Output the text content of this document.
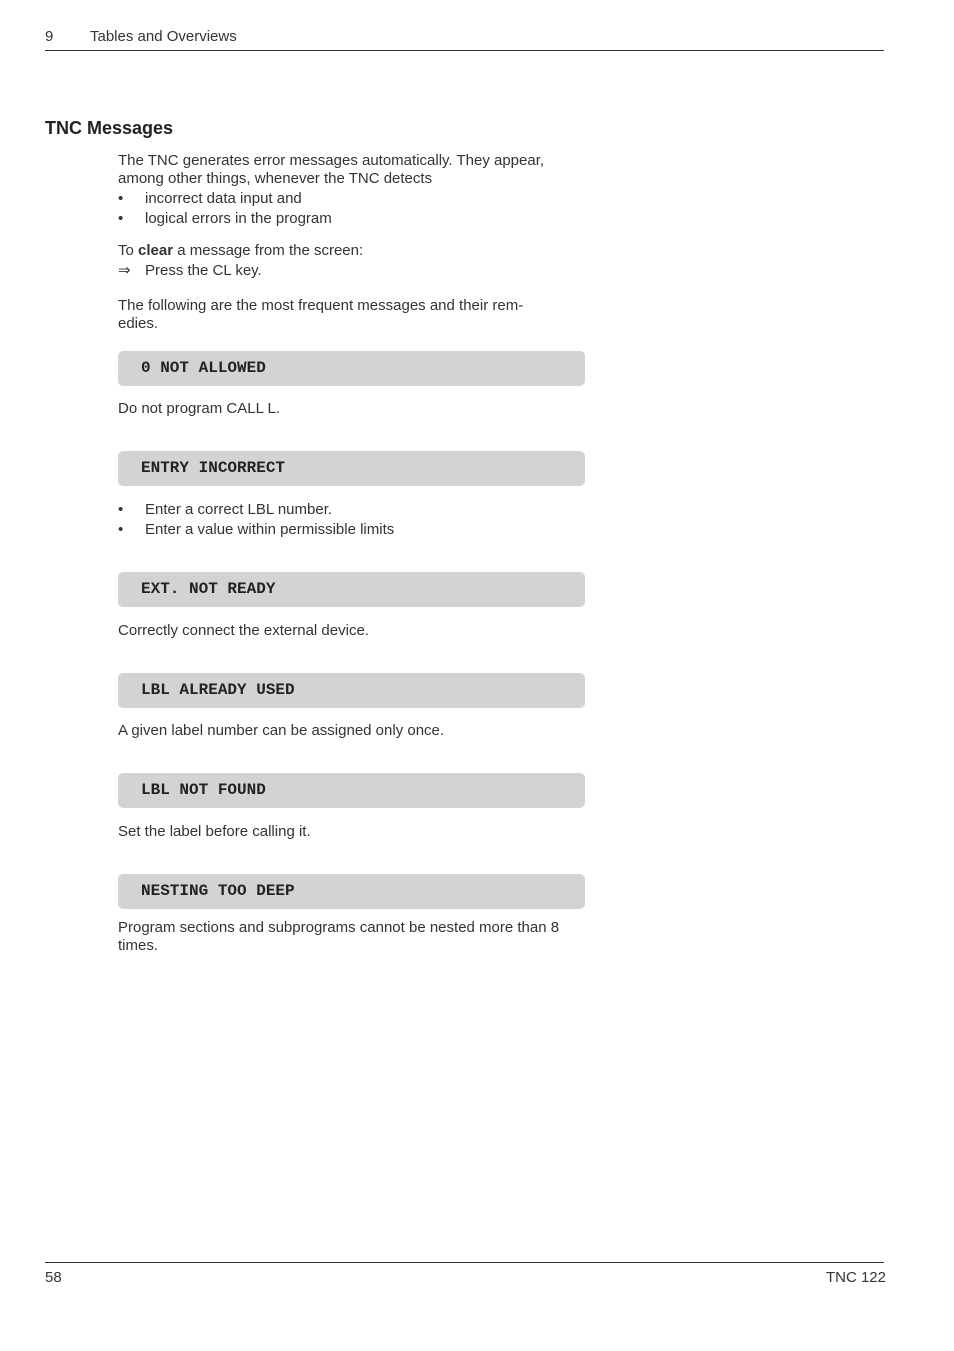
9 Tables and Overviews
TNC Messages

The TNC generates error messages automatically. They appear,
among other things, whenever the TNC detects

• incorrect data input and
• logical errors in the program

To clear a message from the screen:

⇒ Press the CL key.

The following are the most frequent messages and their rem-
edies.

0 NOT ALLOWED

Do not program CALL L.

ENTRY INCORRECT
• Enter a correct LBL number.
• Enter a value within permissible limits
EXT. NOT READY

Correctly connect the external device.

LBL ALREADY USED

A given label number can be assigned only once.

LBL NOT FOUND

Set the label before calling it.

NESTING TOO DEEP

Program sections and subprograms cannot be nested more than 8
times.

58	TNC 122
